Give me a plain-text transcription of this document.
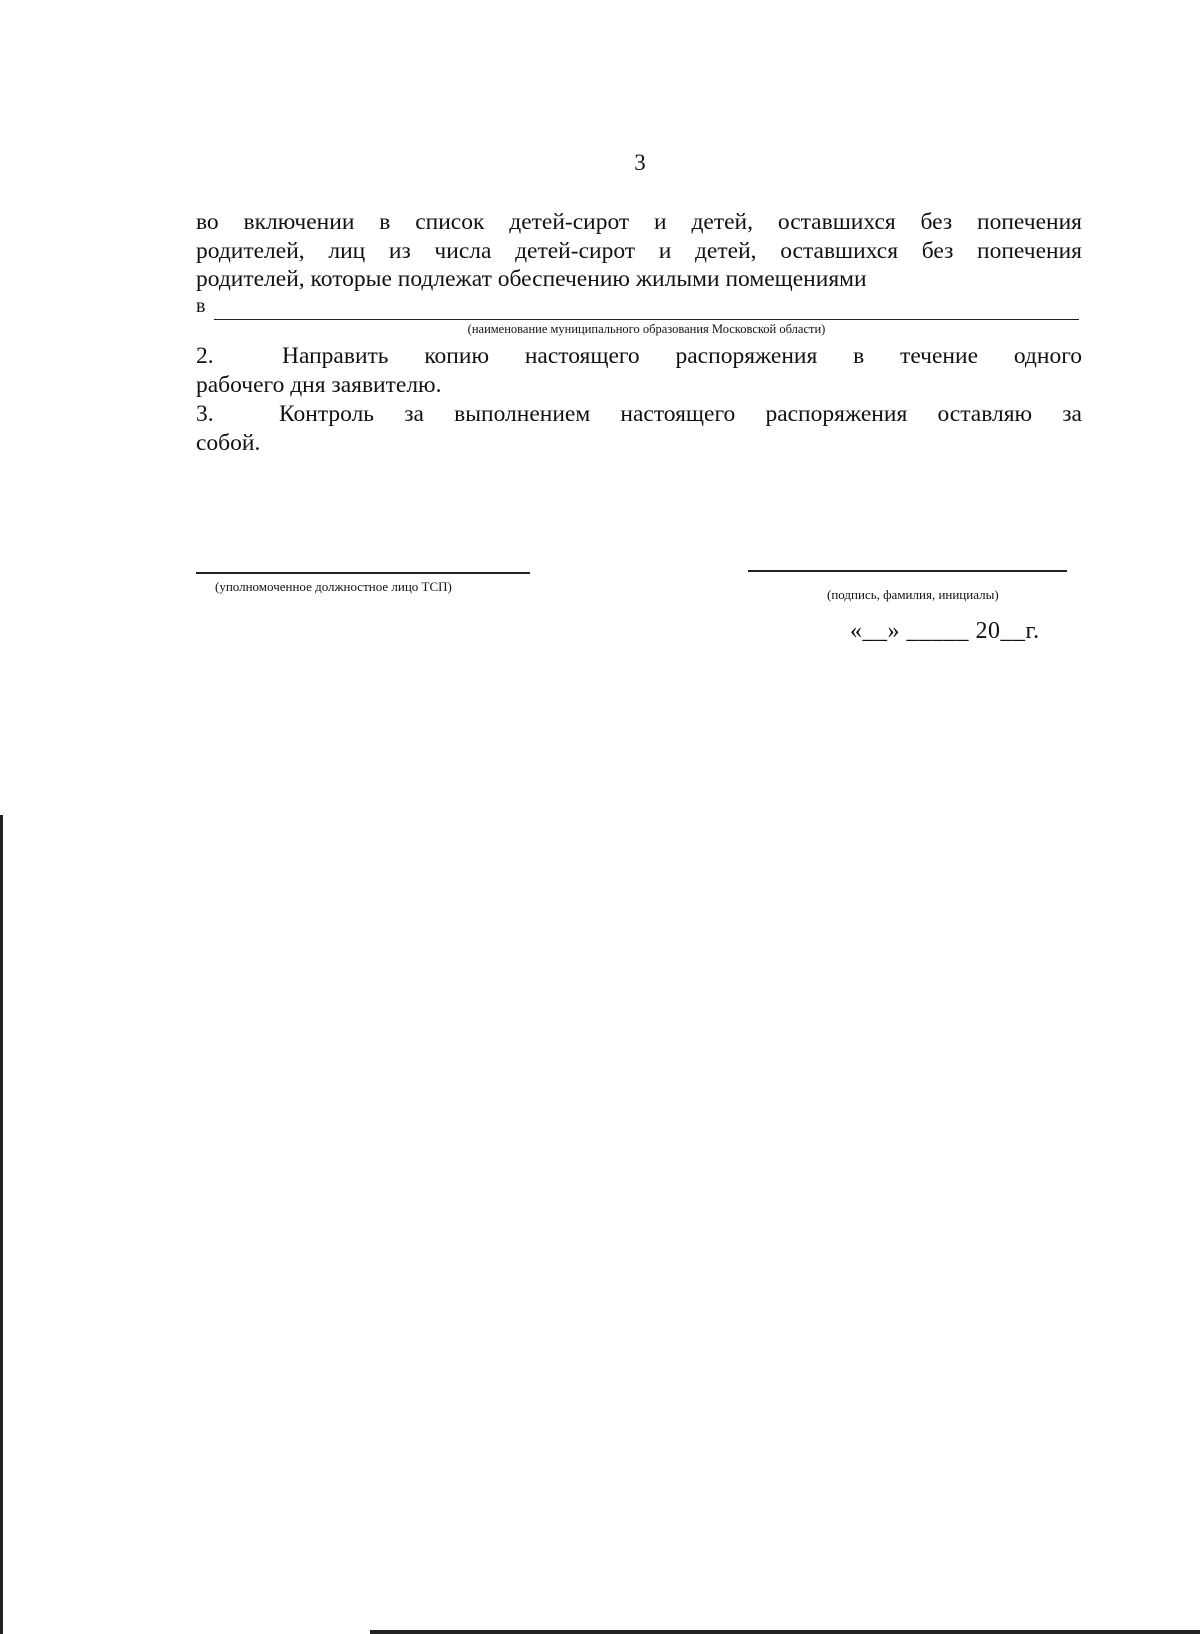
3
во включении в список детей-сирот и детей, оставшихся без попечения
родителей, лиц из числа детей-сирот и детей, оставшихся без попечения
родителей, которые подлежат обеспечению жилыми помещениями
в
(наименование муниципального образования Московской области)
2.	Направить копию настоящего распоряжения в течение одного
рабочего дня заявителю.
3.	Контроль за выполнением настоящего распоряжения оставляю за
собой.
(уполномоченное должностное лицо ТСП)
(подпись, фамилия, инициалы)
«__» _____ 20__г.
